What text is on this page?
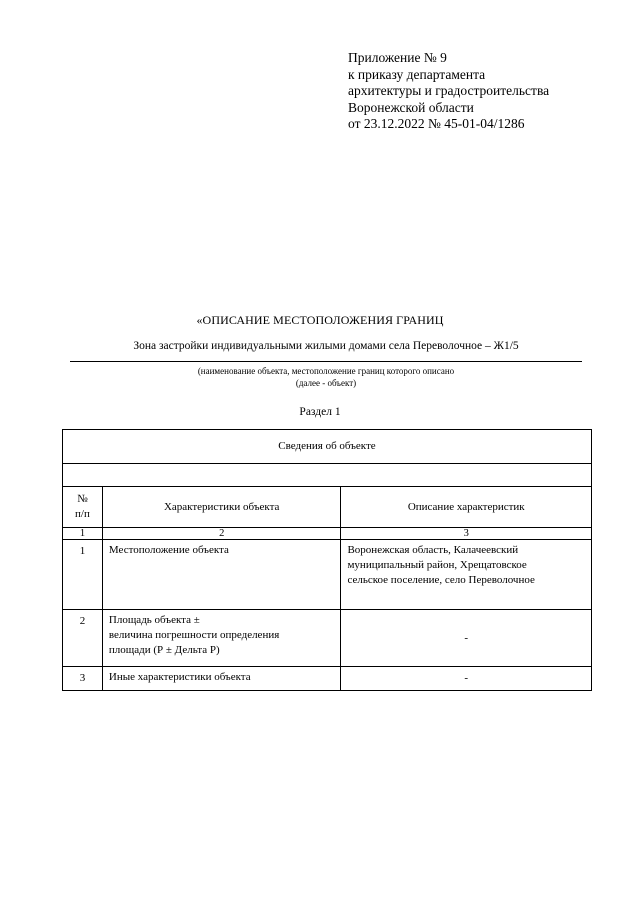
Приложение № 9
к приказу департамента
архитектуры и градостроительства
Воронежской области
от 23.12.2022 № 45-01-04/1286
«ОПИСАНИЕ МЕСТОПОЛОЖЕНИЯ ГРАНИЦ
Зона застройки индивидуальными жилыми домами села Переволочное – Ж1/5
(наименование объекта, местоположение границ которого описано
(далее - объект)
Раздел 1
Сведения об объекте		

№
п/п	Характеристики объекта	Описание характеристик
1	2	3
1	Местоположение объекта	Воронежская область, Калачеевский
муниципальный район, Хрещатовское
сельское поселение, село Переволочное

2	Площадь объекта ±
величина погрешности определения
площади (Р ± Дельта Р)	-
3	Иные характеристики объекта	-
